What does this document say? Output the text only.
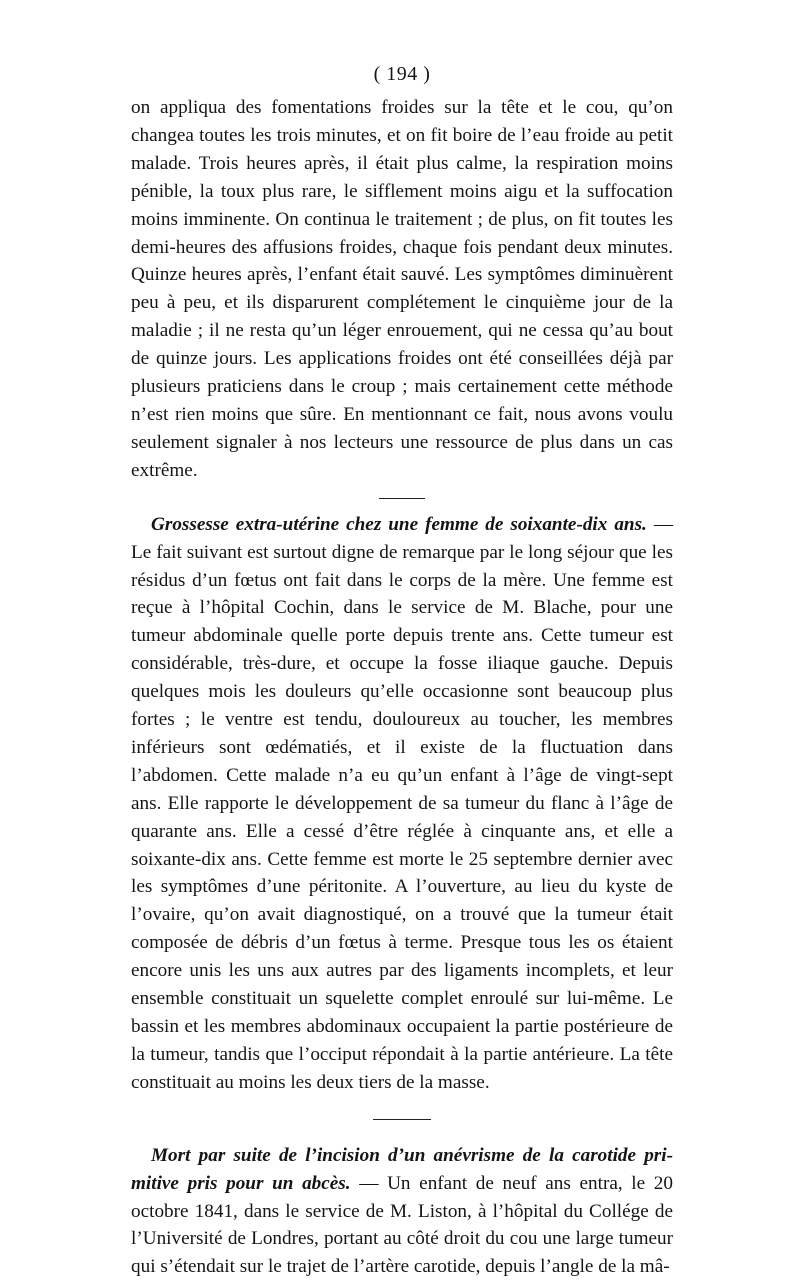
( 194 )

on appliqua des fomentations froides sur la tête et le cou, qu’on changea toutes les trois minutes, et on fit boire de l’eau froide au petit malade. Trois heures après, il était plus calme, la respiration moins pénible, la toux plus rare, le sifflement moins aigu et la suffocation moins imminente. On continua le traitement ; de plus, on fit toutes les demi-heures des affusions froides, chaque fois pendant deux minutes. Quinze heures après, l’enfant était sauvé. Les symptômes diminuèrent peu à peu, et ils disparurent complétement le cinquième jour de la maladie ; il ne resta qu’un léger enrouement, qui ne cessa qu’au bout de quinze jours. Les applications froides ont été conseillées déjà par plusieurs praticiens dans le croup ; mais certainement cette méthode n’est rien moins que sûre. En mentionnant ce fait, nous avons voulu seulement signaler à nos lecteurs une ressource de plus dans un cas extrême.

Grossesse extra-utérine chez une femme de soixante-dix ans. — Le fait suivant est surtout digne de remarque par le long séjour que les résidus d’un fœtus ont fait dans le corps de la mère. Une femme est reçue à l’hôpital Cochin, dans le service de M. Blache, pour une tumeur abdominale quelle porte depuis trente ans. Cette tumeur est considérable, très-dure, et occupe la fosse iliaque gauche. Depuis quelques mois les douleurs qu’elle occasionne sont beaucoup plus fortes ; le ventre est tendu, douloureux au toucher, les membres inférieurs sont œdématiés, et il existe de la fluctuation dans l’abdomen. Cette malade n’a eu qu’un enfant à l’âge de vingt-sept ans. Elle rapporte le développement de sa tumeur du flanc à l’âge de quarante ans. Elle a cessé d’être réglée à cinquante ans, et elle a soixante-dix ans. Cette femme est morte le 25 septembre dernier avec les symptômes d’une péritonite. A l’ouverture, au lieu du kyste de l’ovaire, qu’on avait diagnostiqué, on a trouvé que la tumeur était composée de débris d’un fœtus à terme. Presque tous les os étaient encore unis les uns aux autres par des ligaments incomplets, et leur ensemble constituait un squelette complet enroulé sur lui-même. Le bassin et les membres abdominaux occupaient la partie postérieure de la tumeur, tandis que l’occiput répondait à la partie antérieure. La tête constituait au moins les deux tiers de la masse.

Mort par suite de l’incision d’un anévrisme de la carotide primitive pris pour un abcès. — Un enfant de neuf ans entra, le 20 octobre 1841, dans le service de M. Liston, à l’hôpital du Collége de l’Université de Londres, portant au côté droit du cou une large tumeur qui s’étendait sur le trajet de l’artère carotide, depuis l’angle de la mâ-
